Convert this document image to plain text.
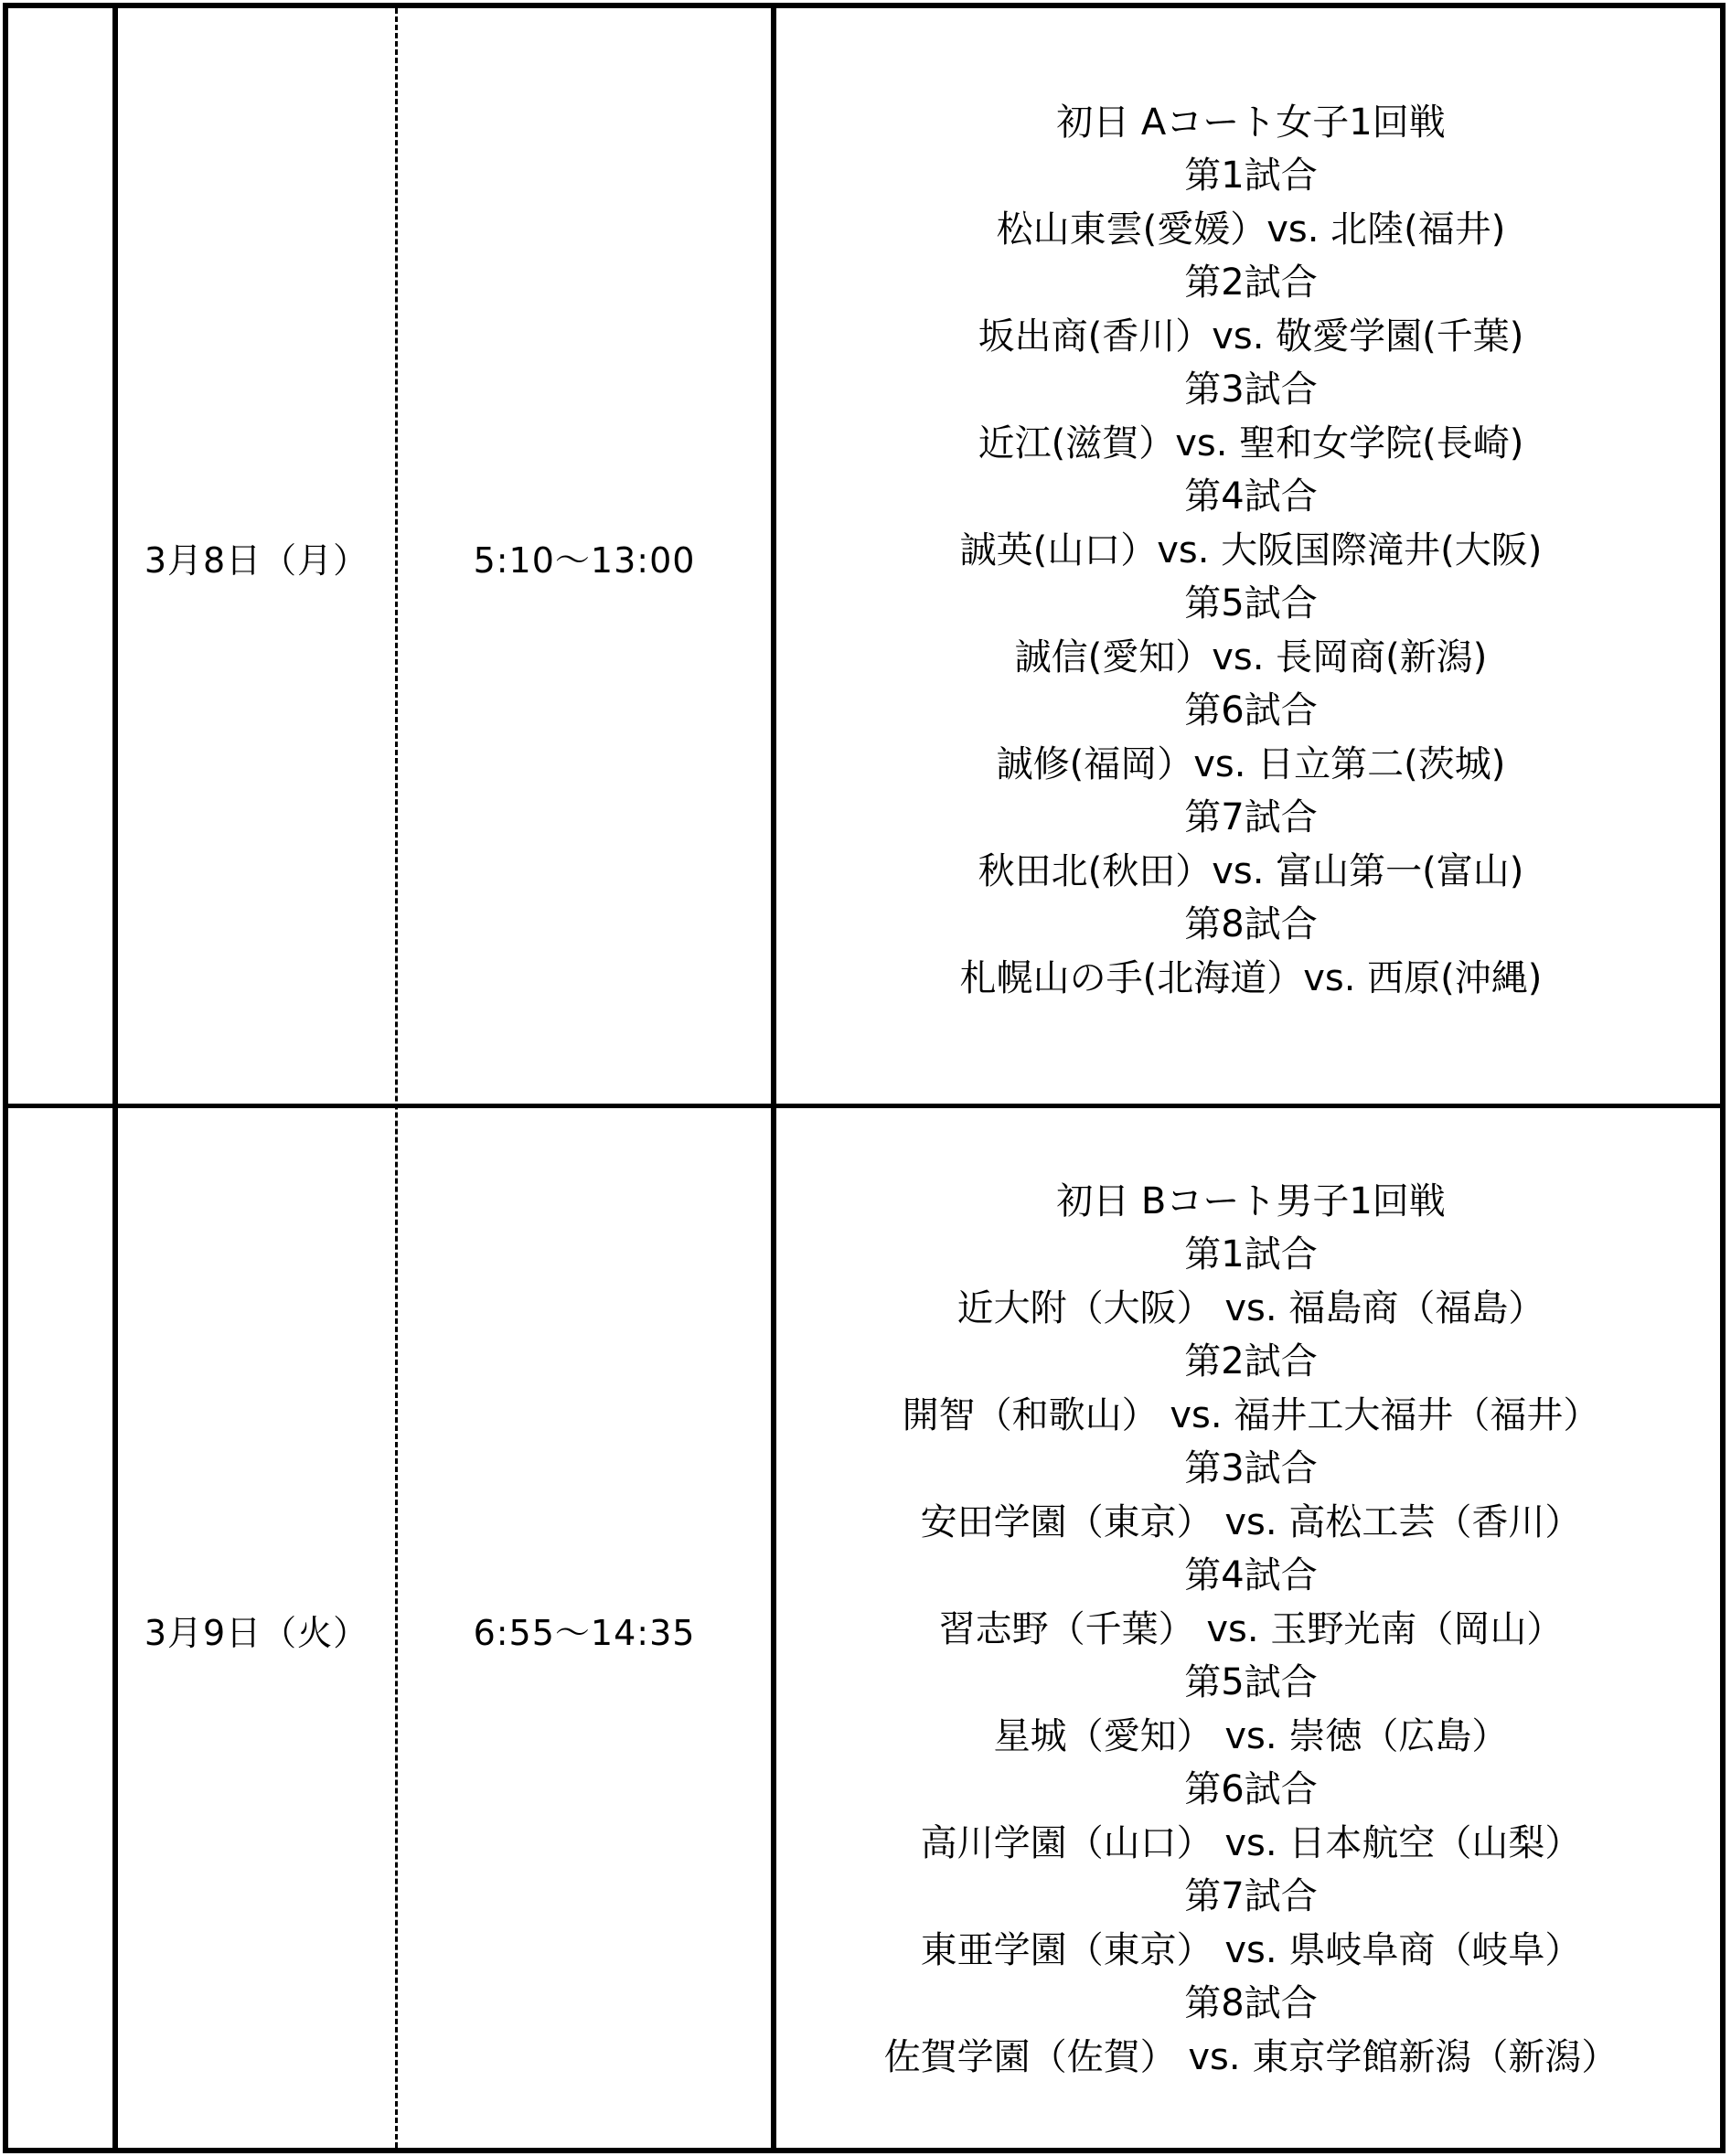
3月8日（月）	5:10～13:00
初日 Aコート女子1回戦
第1試合
松山東雲(愛媛）vs. 北陸(福井)
第2試合
坂出商(香川）vs. 敬愛学園(千葉)
第3試合
近江(滋賀）vs. 聖和女学院(長崎)
第4試合
誠英(山口）vs. 大阪国際滝井(大阪)
第5試合
誠信(愛知）vs. 長岡商(新潟)
第6試合
誠修(福岡）vs. 日立第二(茨城)
第7試合
秋田北(秋田）vs. 富山第一(富山)
第8試合
札幌山の手(北海道）vs. 西原(沖縄)
3月9日（火）	6:55～14:35
初日 Bコート男子1回戦
第1試合
近大附（大阪） vs. 福島商（福島）
第2試合
開智（和歌山） vs. 福井工大福井（福井）
第3試合
安田学園（東京） vs. 高松工芸（香川）
第4試合
習志野（千葉） vs. 玉野光南（岡山）
第5試合
星城（愛知） vs. 崇徳（広島）
第6試合
高川学園（山口） vs. 日本航空（山梨）
第7試合
東亜学園（東京） vs. 県岐阜商（岐阜）
第8試合
佐賀学園（佐賀） vs. 東京学館新潟（新潟）
